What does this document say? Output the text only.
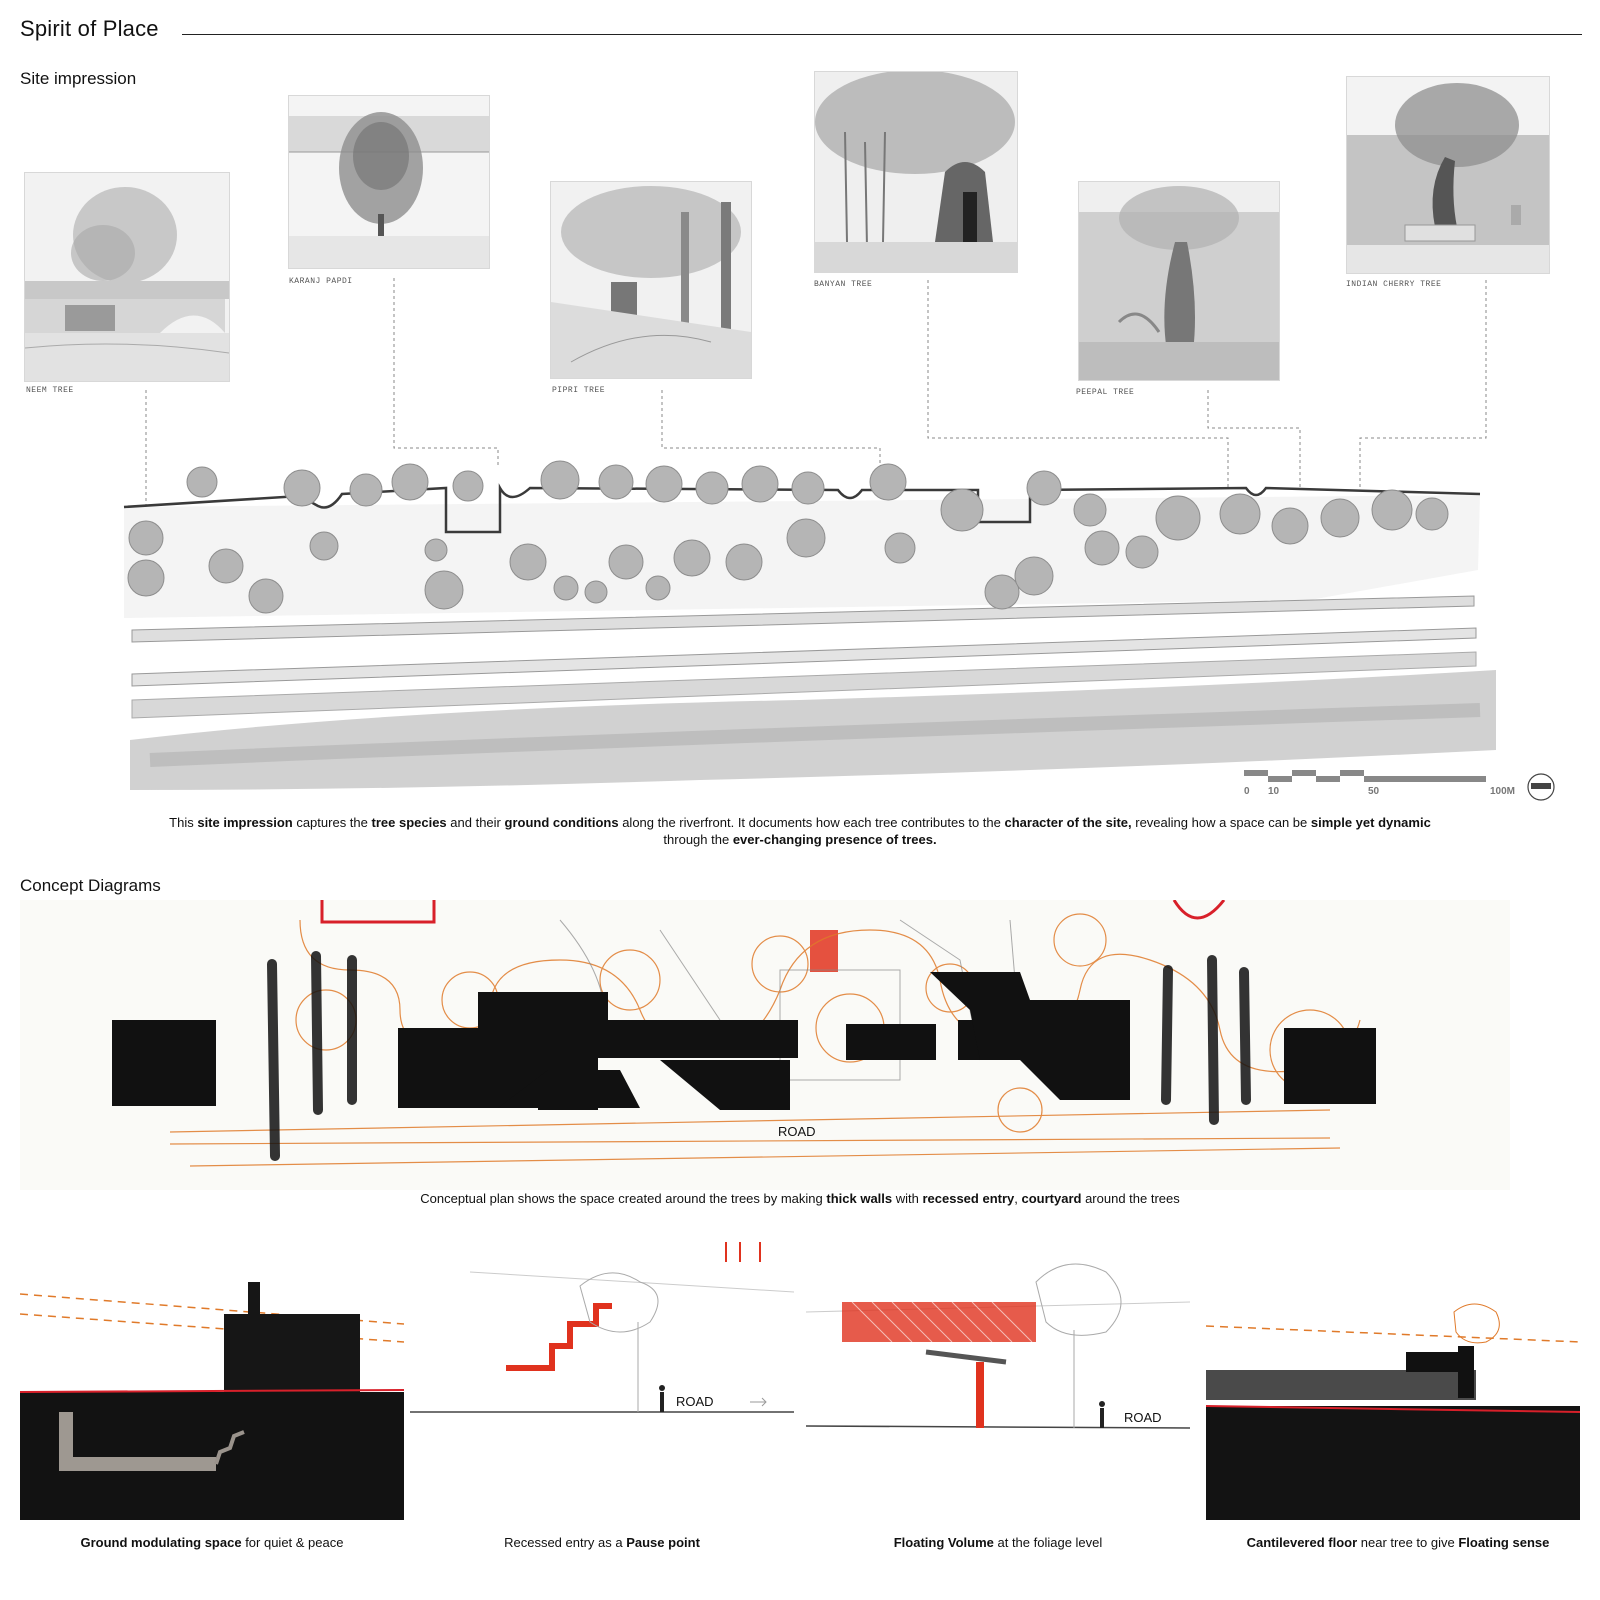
Spirit of Place
Site impression
NEEM TREE
KARANJ PAPDI
PIPRI TREE
BANYAN TREE
PEEPAL TREE
INDIAN CHERRY TREE
0 10	50	100M
This site impression captures the tree species and their ground conditions along the riverfront. It documents how each tree contributes to the character of the site, revealing how a space can be simple yet dynamic through the ever-changing presence of trees.
Concept Diagrams
ROAD
Conceptual plan shows the space created around the trees by making thick walls with recessed entry, courtyard around the trees
Ground modulating space for quiet & peace
ROAD
Recessed entry as a Pause point
ROAD
Floating Volume at the foliage level	Cantilevered floor near tree to give Floating sense
